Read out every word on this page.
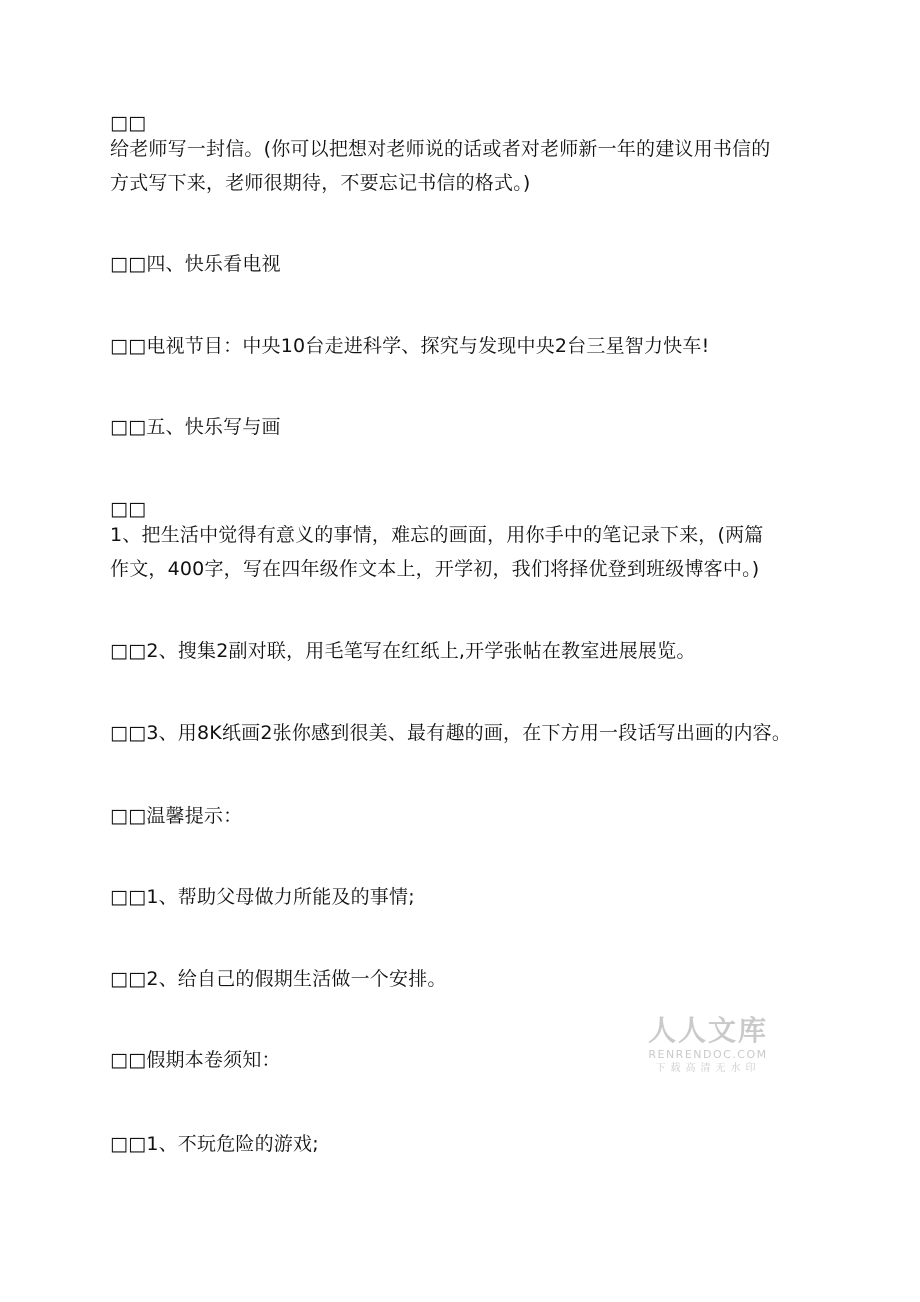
□□
给老师写一封信。(你可以把想对老师说的话或者对老师新一年的建议用书信的
方式写下来，老师很期待，不要忘记书信的格式。)
□□四、快乐看电视
□□电视节目：中央10台走进科学、探究与发现中央2台三星智力快车!
□□五、快乐写与画
□□
1、把生活中觉得有意义的事情，难忘的画面，用你手中的笔记录下来，(两篇
作文，400字，写在四年级作文本上，开学初，我们将择优登到班级博客中。)
□□2、搜集2副对联，用毛笔写在红纸上,开学张帖在教室进展展览。
□□3、用8K纸画2张你感到很美、最有趣的画，在下方用一段话写出画的内容。
□□温馨提示：
□□1、帮助父母做力所能及的事情;
□□2、给自己的假期生活做一个安排。
□□假期本卷须知：
□□1、不玩危险的游戏;
人人文库
RENRENDOC.COM
下载高清无水印
